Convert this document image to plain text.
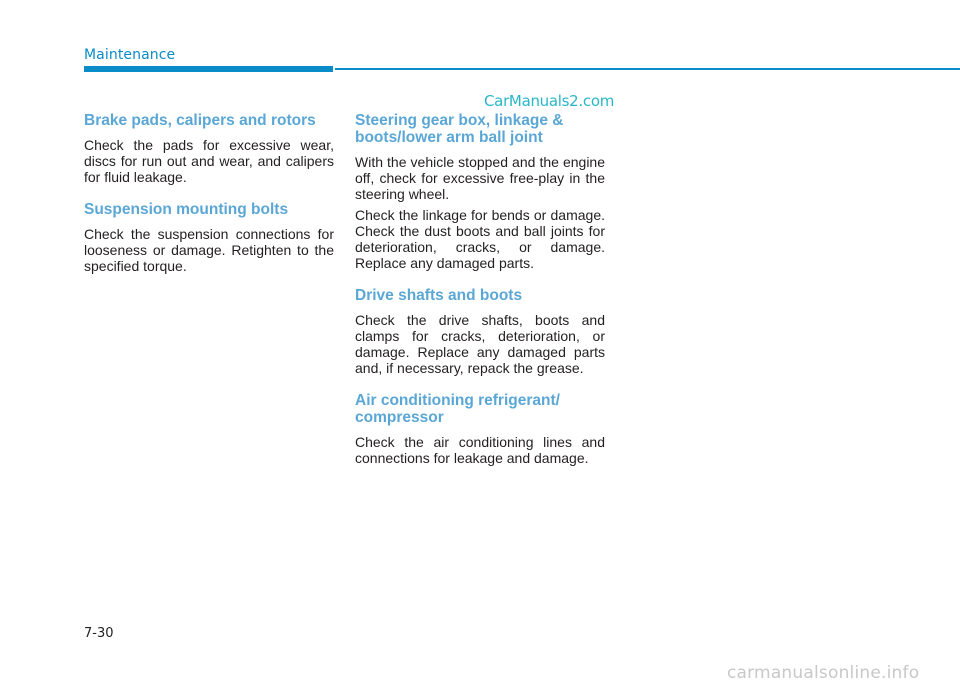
Maintenance
CarManuals2.com
Brake pads, calipers and rotors

Check the pads for excessive wear, discs for run out and wear, and calipers for fluid leakage.

Suspension mounting bolts

Check the suspension connections for looseness or damage. Retighten to the specified torque.

Steering gear box, linkage & boots/lower arm ball joint

With the vehicle stopped and the engine off, check for excessive free-play in the steering wheel.

Check the linkage for bends or damage. Check the dust boots and ball joints for deterioration, cracks, or damage. Replace any damaged parts.

Drive shafts and boots

Check the drive shafts, boots and clamps for cracks, deterioration, or damage. Replace any damaged parts and, if necessary, repack the grease.

Air conditioning refrigerant/ compressor

Check the air conditioning lines and connections for leakage and damage.

7-30
carmanualsonline.info
